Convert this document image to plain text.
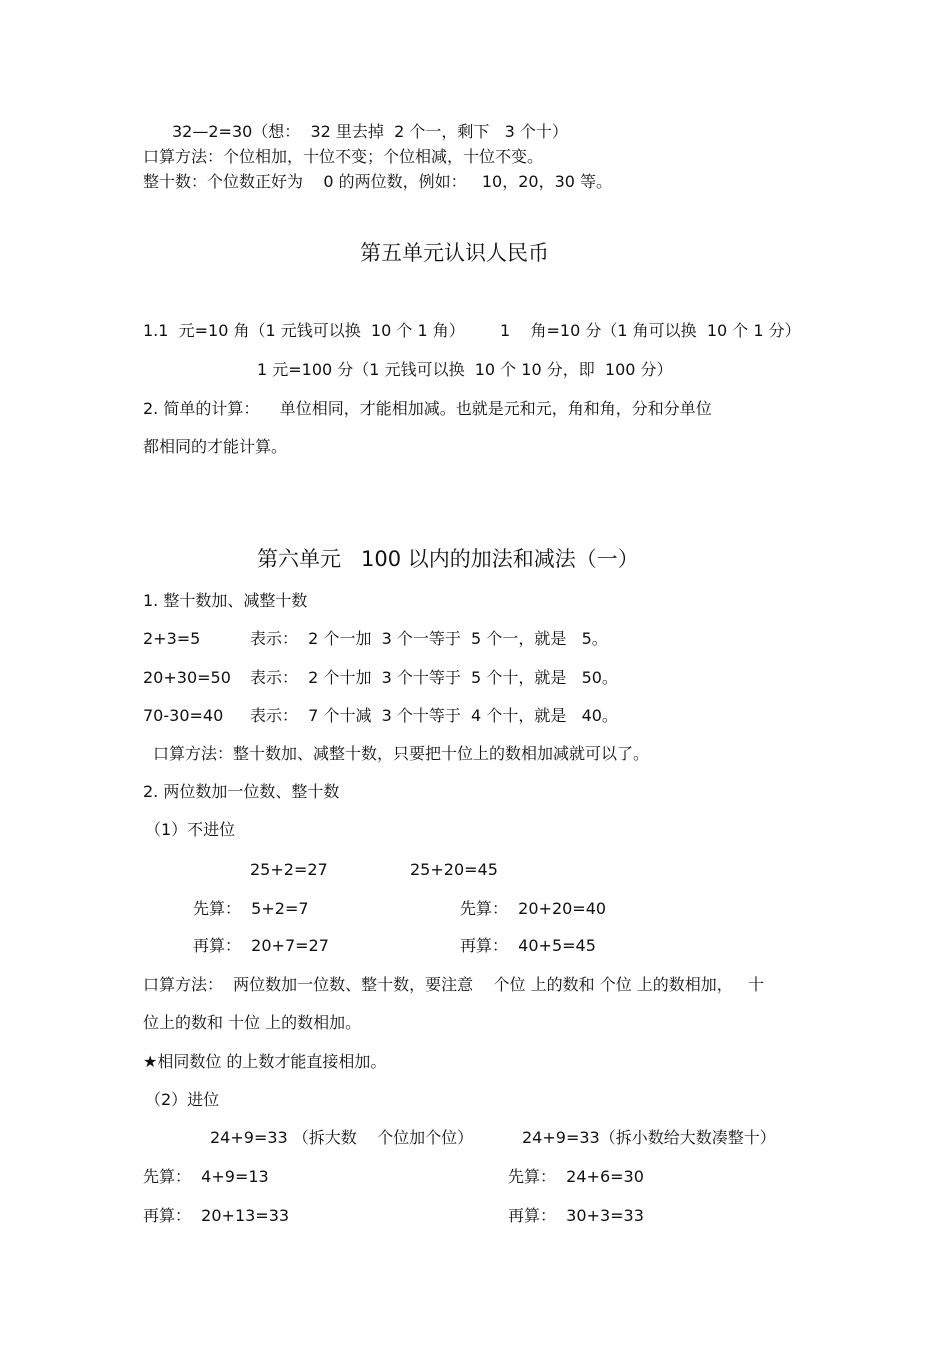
32—2=30（想：  32 里去掉  2 个一，剩下   3 个十）
口算方法：个位相加，十位不变；个位相减，十位不变。
整十数：个位数正好为    0 的两位数，例如：   10，20，30 等。
第五单元认识人民币
1.1  元=10 角（1 元钱可以换  10 个 1 角） 1    角=10 分（1 角可以换  10 个 1 分）
1 元=100 分（1 元钱可以换  10 个 10 分，即  100 分）
2. 简单的计算：    单位相同，才能相加减。也就是元和元，角和角，分和分单位
都相同的才能计算。
第六单元   100 以内的加法和减法（一）
1. 整十数加、减整十数
2+3=5	表示：  2 个一加  3 个一等于  5 个一，就是   5。
20+30=50 表示：  2 个十加  3 个十等于  5 个十，就是   50。
70-30=40 表示：  7 个十减  3 个十等于  4 个十，就是   40。
口算方法：整十数加、减整十数，只要把十位上的数相加减就可以了。
2. 两位数加一位数、整十数
（1）不进位
25+2=27	25+20=45
先算：  5+2=7	先算：  20+20=40
再算：  20+7=27	再算：  40+5=45
口算方法：  两位数加一位数、整十数，要注意    个位 上的数和 个位 上的数相加，   十
位上的数和 十位 上的数相加。
★相同数位 的上数才能直接相加。
（2）进位
24+9=33 （拆大数    个位加个位）	24+9=33（拆小数给大数凑整十）
先算：  4+9=13	先算：  24+6=30
再算：  20+13=33	再算：  30+3=33
